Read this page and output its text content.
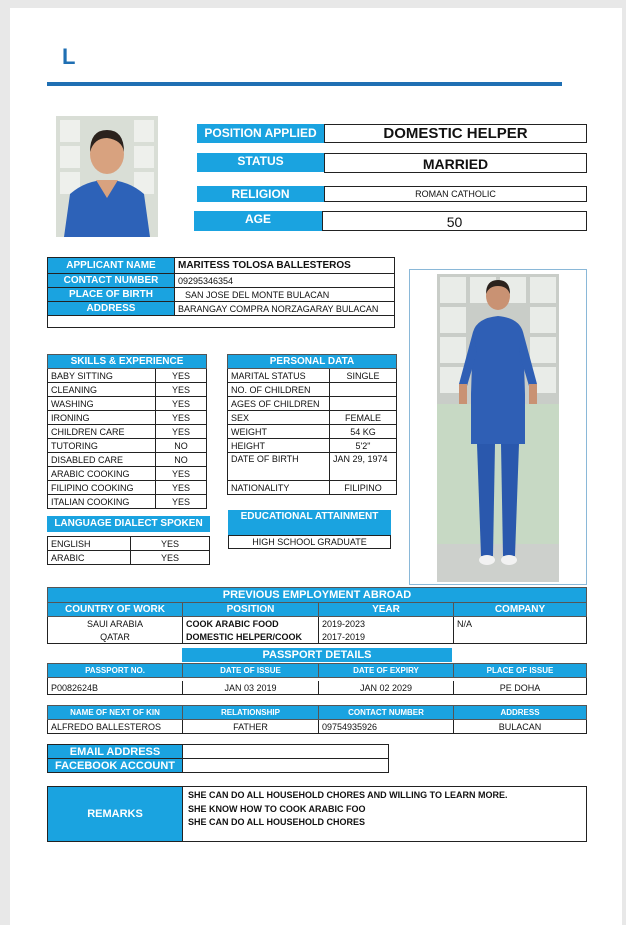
L
POSITION APPLIED	DOMESTIC HELPER
STATUS	MARRIED
RELIGION	ROMAN CATHOLIC
AGE	50
APPLICANT NAME	MARITESS TOLOSA BALLESTEROS
CONTACT NUMBER	09295346354
PLACE OF BIRTH	SAN JOSE DEL MONTE BULACAN
ADDRESS	BARANGAY COMPRA NORZAGARAY BULACAN

SKILLS & EXPERIENCE			PERSONAL DATA	
BABY SITTING	YES		MARITAL STATUS	SINGLE
CLEANING	YES		NO. OF CHILDREN	
WASHING	YES		AGES OF CHILDREN	
IRONING	YES		SEX	FEMALE
CHILDREN CARE	YES		WEIGHT	54 KG
TUTORING	NO		HEIGHT	5'2"
DISABLED CARE	NO		DATE OF BIRTH	JAN 29, 1974
ARABIC COOKING	YES			
FILIPINO COOKING	YES		NATIONALITY	FILIPINO
ITALIAN COOKING	YES			
LANGUAGE DIALECT SPOKEN
ENGLISH	YES
ARABIC	YES
EDUCATIONAL ATTAINMENT
HIGH SCHOOL GRADUATE
PREVIOUS EMPLOYMENT ABROAD			
COUNTRY OF WORK	POSITION	YEAR	COMPANY
SAUI ARABIA	COOK ARABIC FOOD	2019-2023	N/A
QATAR	DOMESTIC HELPER/COOK	2017-2019	
PASSPORT DETAILS
PASSPORT NO.	DATE OF ISSUE	DATE OF EXPIRY	PLACE OF ISSUE

P0082624B	JAN 03 2019	JAN 02 2029	PE DOHA
NAME OF NEXT OF KIN	RELATIONSHIP	CONTACT NUMBER	ADDRESS
ALFREDO BALLESTEROS	FATHER	09754935926	BULACAN
EMAIL ADDRESS	
FACEBOOK ACCOUNT	
REMARKS
SHE CAN DO ALL HOUSEHOLD CHORES AND WILLING TO LEARN MORE.
SHE KNOW HOW TO COOK ARABIC FOO
SHE CAN DO ALL HOUSEHOLD CHORES
